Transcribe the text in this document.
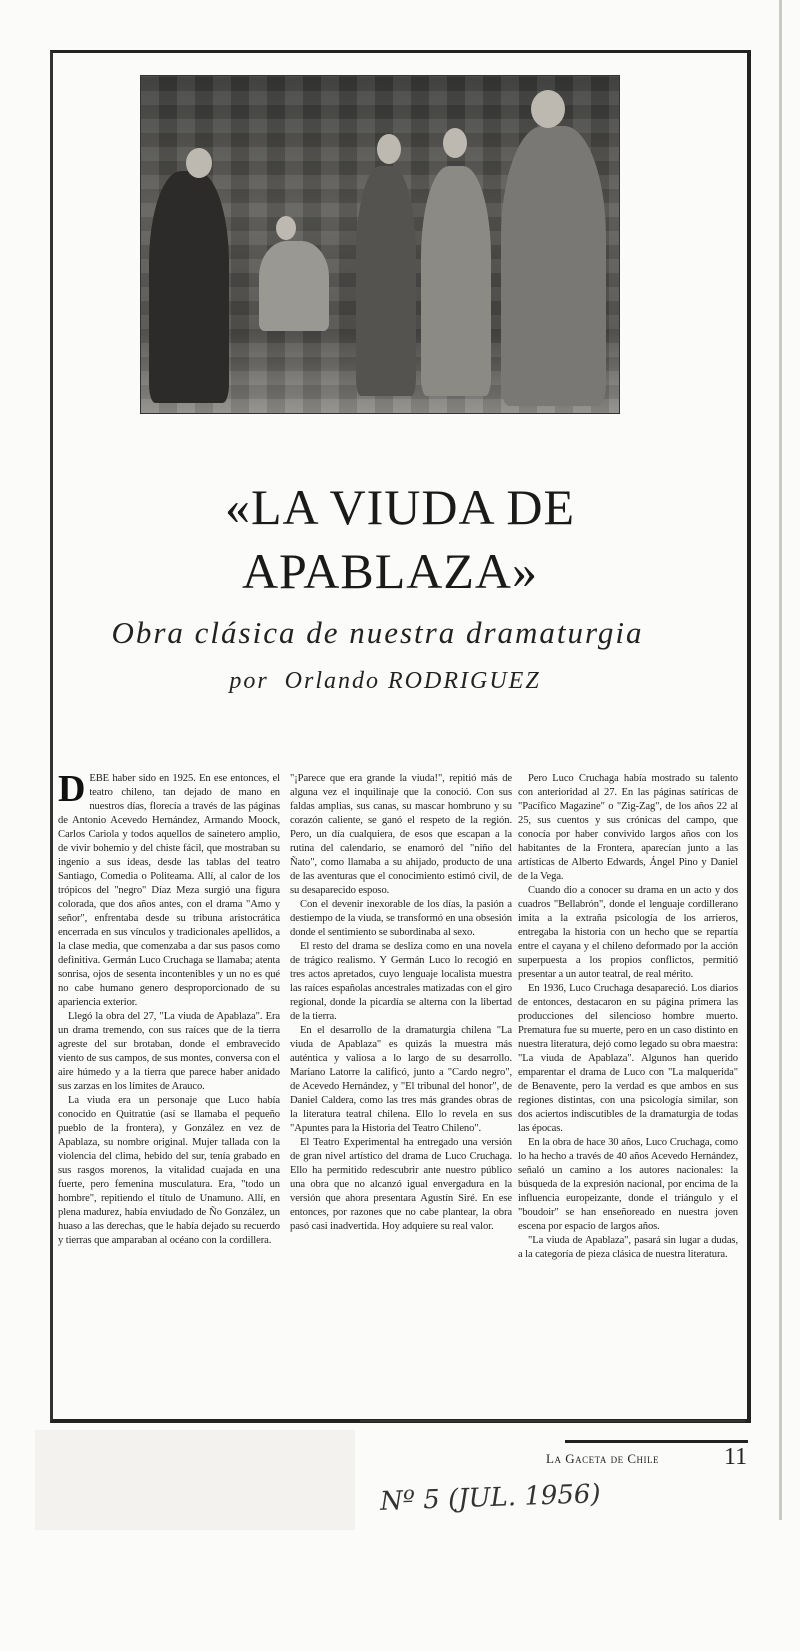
«LA VIUDA DE
APABLAZA»
Obra clásica de nuestra dramaturgia
por Orlando RODRIGUEZ

DEBE haber sido en 1925. En ese entonces, el teatro chileno, tan dejado de mano en nuestros días, florecía a través de las páginas de Antonio Acevedo Hernández, Armando Moock, Carlos Cariola y todos aquellos de sainetero amplio, de vivir bohemio y del chiste fácil, que mostraban su ingenio a sus ideas, desde las tablas del teatro Santiago, Comedia o Politeama. Allí, al calor de los trópicos del "negro" Díaz Meza surgió una figura colorada, que dos años antes, con el drama "Amo y señor", enfrentaba desde su tribuna aristocrática encerrada en sus vínculos y tradicionales apellidos, a la clase media, que comenzaba a dar sus pasos como definitiva. Germán Luco Cruchaga se llamaba; atenta sonrisa, ojos de sesenta incontenibles y un no es qué no cabe humano genero desproporcionado de su apariencia exterior.

Llegó la obra del 27, "La viuda de Apablaza". Era un drama tremendo, con sus raíces que de la tierra agreste del sur brotaban, donde el embravecido viento de sus campos, de sus montes, conversa con el aire húmedo y a la tierra que parece haber anidado sus zarzas en los límites de Arauco.

La viuda era un personaje que Luco había conocido en Quitratúe (así se llamaba el pequeño pueblo de la frontera), y González en vez de Apablaza, su nombre original. Mujer tallada con la violencia del clima, hebido del sur, tenía grabado en sus rasgos morenos, la vitalidad cuajada en una fuerte, pero femenina musculatura. Era, "todo un hombre", repitiendo el título de Unamuno. Allí, en plena madurez, había enviudado de Ño González, un huaso a las derechas, que le había dejado su recuerdo y tierras que amparaban al océano con la cordillera.

"¡Parece que era grande la viuda!", repitió más de alguna vez el inquilinaje que la conoció. Con sus faldas amplias, sus canas, su mascar hombruno y su corazón caliente, se ganó el respeto de la región. Pero, un día cualquiera, de esos que escapan a la rutina del calendario, se enamoró del "niño del Ñato", como llamaba a su ahijado, producto de una de las aventuras que el conocimiento estimó civil, de su desaparecido esposo.

Con el devenir inexorable de los días, la pasión a destiempo de la viuda, se transformó en una obsesión donde el sentimiento se subordinaba al sexo.

El resto del drama se desliza como en una novela de trágico realismo. Y Germán Luco lo recogió en tres actos apretados, cuyo lenguaje localista muestra las raíces españolas ancestrales matizadas con el giro regional, donde la picardía se alterna con la libertad de la tierra.

En el desarrollo de la dramaturgia chilena "La viuda de Apablaza" es quizás la muestra más auténtica y valiosa a lo largo de su desarrollo. Mariano Latorre la calificó, junto a "Cardo negro", de Acevedo Hernández, y "El tribunal del honor", de Daniel Caldera, como las tres más grandes obras de la literatura teatral chilena. Ello lo revela en sus "Apuntes para la Historia del Teatro Chileno".

El Teatro Experimental ha entregado una versión de gran nivel artístico del drama de Luco Cruchaga. Ello ha permitido redescubrir ante nuestro público una obra que no alcanzó igual envergadura en la versión que ahora presentara Agustín Siré. En ese entonces, por razones que no cabe plantear, la obra pasó casi inadvertida. Hoy adquiere su real valor.

Pero Luco Cruchaga había mostrado su talento con anterioridad al 27. En las páginas satíricas de "Pacífico Magazine" o "Zig-Zag", de los años 22 al 25, sus cuentos y sus crónicas del campo, que conocía por haber convivido largos años con los habitantes de la Frontera, aparecían junto a las artísticas de Alberto Edwards, Ángel Pino y Daniel de la Vega.

Cuando dio a conocer su drama en un acto y dos cuadros "Bellabrón", donde el lenguaje cordillerano imita a la extraña psicología de los arrieros, entregaba la historia con un hecho que se repartía entre el cayana y el chileno deformado por la acción superpuesta a los propios conflictos, permitió presentar a un autor teatral, de real mérito.

En 1936, Luco Cruchaga desapareció. Los diarios de entonces, destacaron en su página primera las producciones del silencioso hombre muerto. Prematura fue su muerte, pero en un caso distinto en nuestra literatura, dejó como legado su obra maestra: "La viuda de Apablaza". Algunos han querido emparentar el drama de Luco con "La malquerida" de Benavente, pero la verdad es que ambos en sus regiones distintas, con una psicología similar, son dos aciertos indiscutibles de la dramaturgia de todas las épocas.

En la obra de hace 30 años, Luco Cruchaga, como lo ha hecho a través de 40 años Acevedo Hernández, señaló un camino a los autores nacionales: la búsqueda de la expresión nacional, por encima de la influencia europeizante, donde el triángulo y el "boudoir" se han enseñoreado en nuestra joven escena por espacio de largos años.

"La viuda de Apablaza", pasará sin lugar a dudas, a la categoría de pieza clásica de nuestra literatura.

La Gaceta de Chile	11
Nº 5 (JUL. 1956)
